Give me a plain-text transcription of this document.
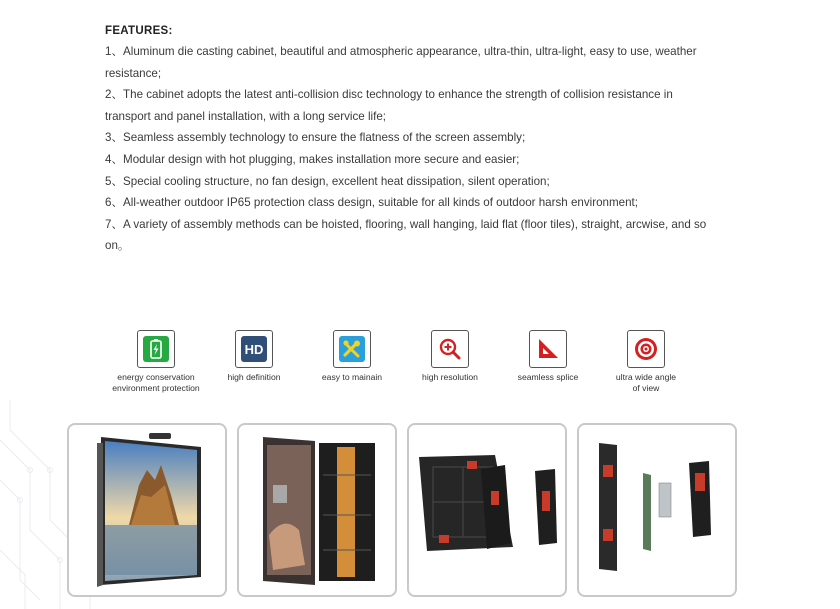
FEATURES:

1、Aluminum die casting cabinet, beautiful and atmospheric appearance, ultra-thin, ultra-light, easy to use, weather resistance;

2、The cabinet adopts the latest anti-collision disc technology to enhance the strength of collision resistance in transport and panel installation, with a long service life;

3、Seamless assembly technology to ensure the flatness of the screen assembly;

4、Modular design with hot plugging, makes installation more secure and easier;

5、Special cooling structure, no fan design, excellent heat dissipation, silent operation;

6、All-weather outdoor IP65 protection class design, suitable for all kinds of outdoor harsh environment;

7、A variety of assembly methods can be hoisted, flooring, wall hanging, laid flat (floor tiles), straight, arcwise, and so on。

energy conservation
environment protection
HD
high definition	easy to mainain	high resolution	seamless splice	ultra wide angle
of view
